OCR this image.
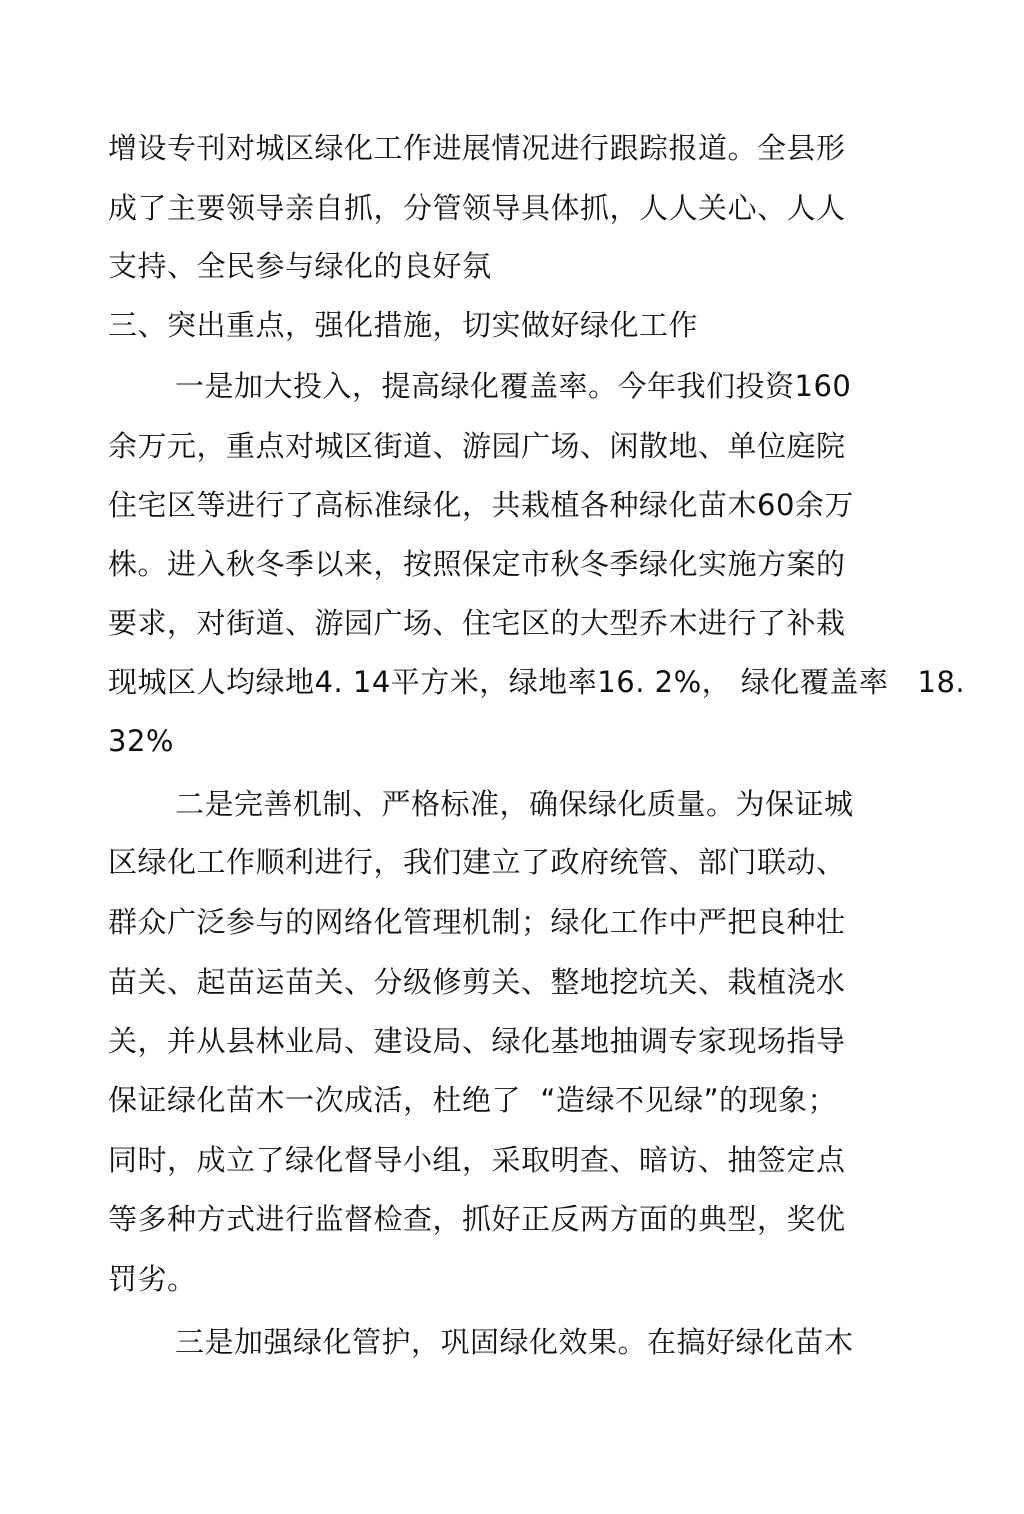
增设专刊对城区绿化工作进展情况进行跟踪报道。全县形
成了主要领导亲自抓，分管领导具体抓，人人关心、人人
支持、全民参与绿化的良好氛
三、突出重点，强化措施，切实做好绿化工作
一是加大投入，提高绿化覆盖率。今年我们投资160
余万元，重点对城区街道、游园广场、闲散地、单位庭院
住宅区等进行了高标准绿化，共栽植各种绿化苗木60余万
株。进入秋冬季以来，按照保定市秋冬季绿化实施方案的
要求，对街道、游园广场、住宅区的大型乔木进行了补栽
现城区人均绿地4. 14平方米，绿地率16. 2%， 绿化覆盖率   18.
32%
二是完善机制、严格标准，确保绿化质量。为保证城
区绿化工作顺利进行，我们建立了政府统管、部门联动、
群众广泛参与的网络化管理机制；绿化工作中严把良种壮
苗关、起苗运苗关、分级修剪关、整地挖坑关、栽植浇水
关，并从县林业局、建设局、绿化基地抽调专家现场指导
保证绿化苗木一次成活，杜绝了  “造绿不见绿”的现象；
同时，成立了绿化督导小组，采取明查、暗访、抽签定点
等多种方式进行监督检查，抓好正反两方面的典型，奖优
罚劣。
三是加强绿化管护，巩固绿化效果。在搞好绿化苗木
